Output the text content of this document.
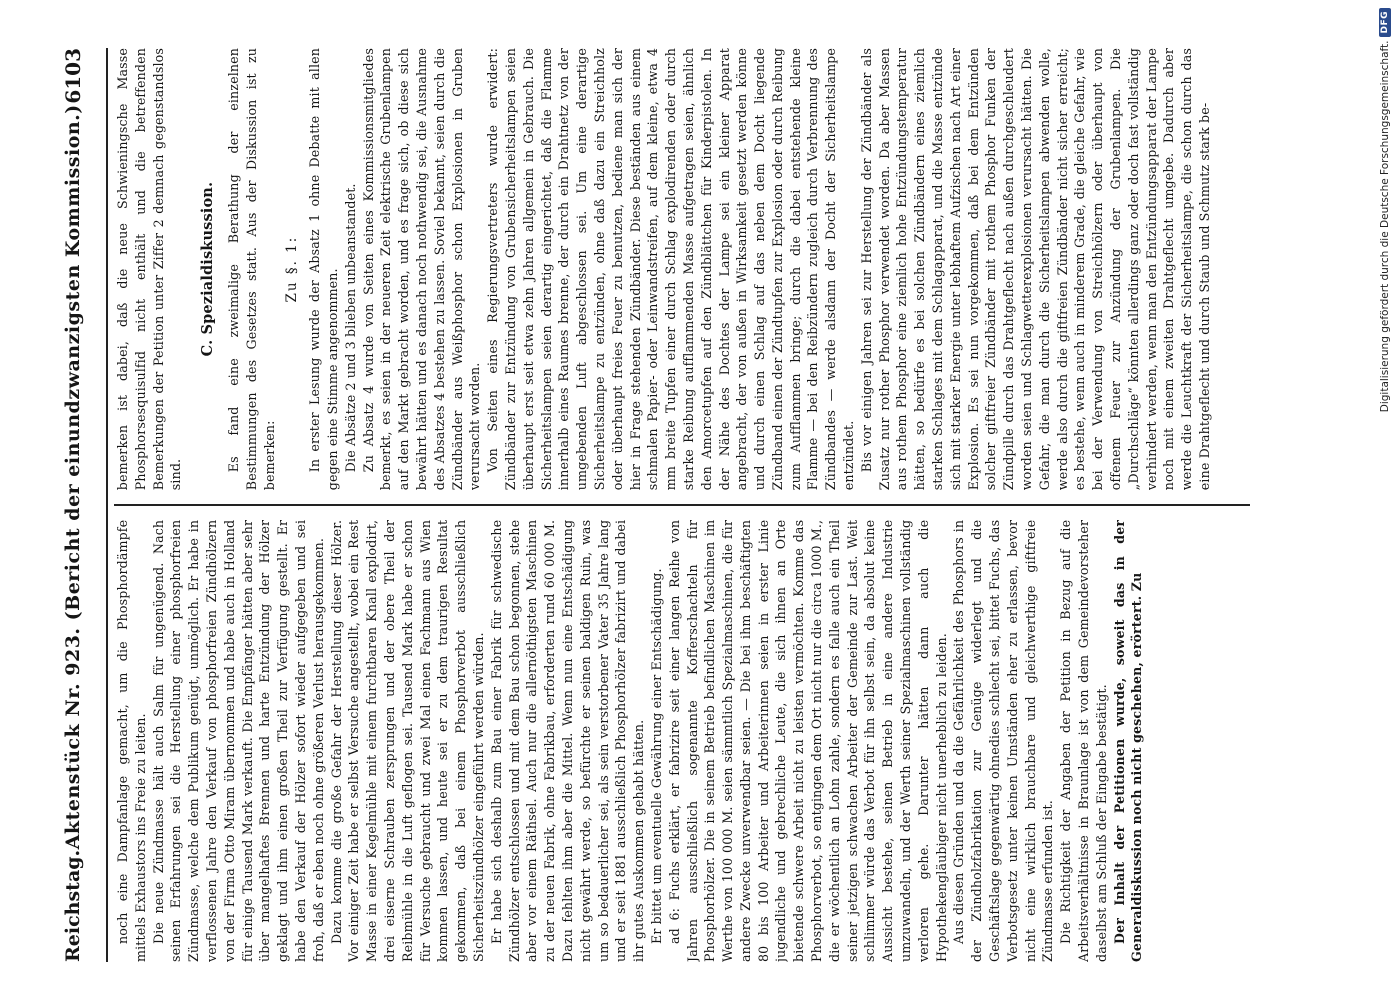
Reichstag.
Aktenstück Nr. 923. (Bericht der einundzwanzigsten Kommission.)
6103

noch eine Dampfanlage gemacht, um die Phosphordämpfe mittels Exhaustors ins Freie zu leiten. Die neue Zündmasse hält auch Salm für ungenügend. Nach seinen Erfahrungen sei die Herstellung einer phosphorfreien Zündmasse, welche dem Publikum genügt, unmöglich. Er habe in verflossenen Jahre den Verkauf von phosphorfreien Zündhölzern von der Firma Otto Miram übernommen und habe auch in Holland für einige Tausend Mark verkauft. Die Empfänger hätten aber sehr über mangelhaftes Brennen und harte Entzündung der Hölzer geklagt und ihm einen großen Theil zur Verfügung gestellt. Er habe den Verkauf der Hölzer sofort wieder aufgegeben und sei froh, daß er eben noch ohne größeren Verlust herausgekommen. Dazu komme die große Gefahr der Herstellung dieser Hölzer. Vor einiger Zeit habe er selbst Versuche angestellt, wobei ein Rest Masse in einer Kegelmühle mit einem furchtbaren Knall explodirt, drei eiserne Schrauben zersprungen und der obere Theil der Reibmühle in die Luft geflogen sei. Tausend Mark habe er schon für Versuche gebraucht und zwei Mal einen Fachmann aus Wien kommen lassen, und heute sei er zu dem traurigen Resultat gekommen, daß bei einem Phosphorverbot ausschließlich Sicherheitszündhölzer eingeführt werden würden. Er habe sich deshalb zum Bau einer Fabrik für schwedische Zündhölzer entschlossen und mit dem Bau schon begonnen, stehe aber vor einem Räthsel. Auch nur die allernöthigsten Maschinen zu der neuen Fabrik, ohne Fabrikbau, erforderten rund 60 000 M. Dazu fehlten ihm aber die Mittel. Wenn nun eine Entschädigung nicht gewährt werde, so befürchte er seinen baldigen Ruin, was um so bedauerlicher sei, als sein verstorbener Vater 35 Jahre lang und er seit 1881 ausschließlich Phosphorhölzer fabrizirt und dabei ihr gutes Auskommen gehabt hätten. Er bittet um eventuelle Gewährung einer Entschädigung. ad 6: Fuchs erklärt, er fabrizire seit einer langen Reihe von Jahren ausschließlich sogenannte Kofferschachteln für Phosphorhölzer. Die in seinem Betrieb befindlichen Maschinen im Werthe von 100 000 M. seien sämmtlich Spezialmaschinen, die für andere Zwecke unverwendbar seien. — Die bei ihm beschäftigten 80 bis 100 Arbeiter und Arbeiterinnen seien in erster Linie jugendliche und gebrechliche Leute, die sich ihnen an Orte bietende schwere Arbeit nicht zu leisten vermöchten. Komme das Phosphorverbot, so entgingen dem Ort nicht nur die circa 1000 M., die er wöchentlich an Lohn zahle, sondern es falle auch ein Theil seiner jetzigen schwachen Arbeiter der Gemeinde zur Last. Weit schlimmer würde das Verbot für ihn selbst sein, da absolut keine Aussicht bestehe, seinen Betrieb in eine andere Industrie umzuwandeln, und der Werth seiner Spezialmaschinen vollständig verloren gehe. Darunter hätten dann auch die Hypothekengläubiger nicht unerheblich zu leiden. Aus diesen Gründen und da die Gefährlichkeit des Phosphors in der Zündholzfabrikation zur Genüge widerlegt und die Geschäftslage gegenwärtig ohnedies schlecht sei, bittet Fuchs, das Verbotsgesetz unter keinen Umständen eher zu erlassen, bevor nicht eine wirklich brauchbare und gleichwerthige giftfreie Zündmasse erfunden ist. Die Richtigkeit der Angaben der Petition in Bezug auf die Arbeitsverhältnisse in Braunlage ist von dem Gemeindevorsteher daselbst am Schluß der Eingabe bestätigt. Der Inhalt der Petitionen wurde, soweit das in der Generaldiskussion noch nicht geschehen, erörtert. Zu

bemerken ist dabei, daß die neue Schwieningsche Masse Phosphorsesquisulfid nicht enthält und die betreffenden Bemerkungen der Petition unter Ziffer 2 demnach gegenstandslos sind.

C. Spezialdiskussion. Es fand eine zweimalige Berathung der einzelnen Bestimmungen des Gesetzes statt. Aus der Diskussion ist zu bemerken:

Zu §. 1: In erster Lesung wurde der Absatz 1 ohne Debatte mit allen gegen eine Stimme angenommen. Die Absätze 2 und 3 blieben unbeanstandet. Zu Absatz 4 wurde von Seiten eines Kommissionsmitgliedes bemerkt, es seien in der neueren Zeit elektrische Grubenlampen auf den Markt gebracht worden, und es frage sich, ob diese sich bewährt hätten und es danach noch nothwendig sei, die Ausnahme des Absatzes 4 bestehen zu lassen. Soviel bekannt, seien durch die Zündbänder aus Weißphosphor schon Explosionen in Gruben verursacht worden. Von Seiten eines Regierungsvertreters wurde erwidert: Zündbänder zur Entzündung von Grubensicherheitslampen seien überhaupt erst seit etwa zehn Jahren allgemein in Gebrauch. Die Sicherheitslampen seien derartig eingerichtet, daß die Flamme innerhalb eines Raumes brenne, der durch ein Drahtnetz von der umgebenden Luft abgeschlossen sei. Um eine derartige Sicherheitslampe zu entzünden, ohne daß dazu ein Streichholz oder überhaupt freies Feuer zu benutzen, bediene man sich der hier in Frage stehenden Zündbänder. Diese beständen aus einem schmalen Papier- oder Leinwandstreifen, auf dem kleine, etwa 4 mm breite Tupfen einer durch Schlag explodirenden oder durch starke Reibung aufflammenden Masse aufgetragen seien, ähnlich den Amorcetupfen auf den Zündblättchen für Kinderpistolen. In der Nähe des Dochtes der Lampe sei ein kleiner Apparat angebracht, der von außen in Wirksamkeit gesetzt werden könne und durch einen Schlag auf das neben dem Docht liegende Zündband einen der Zündtupfen zur Explosion oder durch Reibung zum Aufflammen bringe; durch die dabei entstehende kleine Flamme — bei den Reibzündern zugleich durch Verbrennung des Zündbandes — werde alsdann der Docht der Sicherheitslampe entzündet. Bis vor einigen Jahren sei zur Herstellung der Zündbänder als Zusatz nur rother Phosphor verwendet worden. Da aber Massen aus rothem Phosphor eine ziemlich hohe Entzündungstemperatur hätten, so bedürfe es bei solchen Zündbändern eines ziemlich starken Schlages mit dem Schlagapparat, und die Masse entzünde sich mit starker Energie unter lebhaftem Aufzischen nach Art einer Explosion. Es sei nun vorgekommen, daß bei dem Entzünden solcher giftfreier Zündbänder mit rothem Phosphor Funken der Zündpille durch das Drahtgeflecht nach außen durchgeschleudert worden seien und Schlagwetterexplosionen verursacht hätten. Die Gefahr, die man durch die Sicherheitslampen abwenden wolle, werde also durch die giftfreien Zündbänder nicht sicher erreicht; es bestehe, wenn auch in minderem Grade, die gleiche Gefahr, wie bei der Verwendung von Streichhölzern oder überhaupt von offenem Feuer zur Anzündung der Grubenlampen. Die „Durchschläge“ könnten allerdings ganz oder doch fast vollständig verhindert werden, wenn man den Entzündungsapparat der Lampe noch mit einem zweiten Drahtgeflecht umgebe. Dadurch aber werde die Leuchtkraft der Sicherheitslampe, die schon durch das eine Drahtgeflecht und durch Staub und Schmutz stark be-	Digitalisierung gefördert durch die Deutsche Forschungsgemeinschaft.
DFG
